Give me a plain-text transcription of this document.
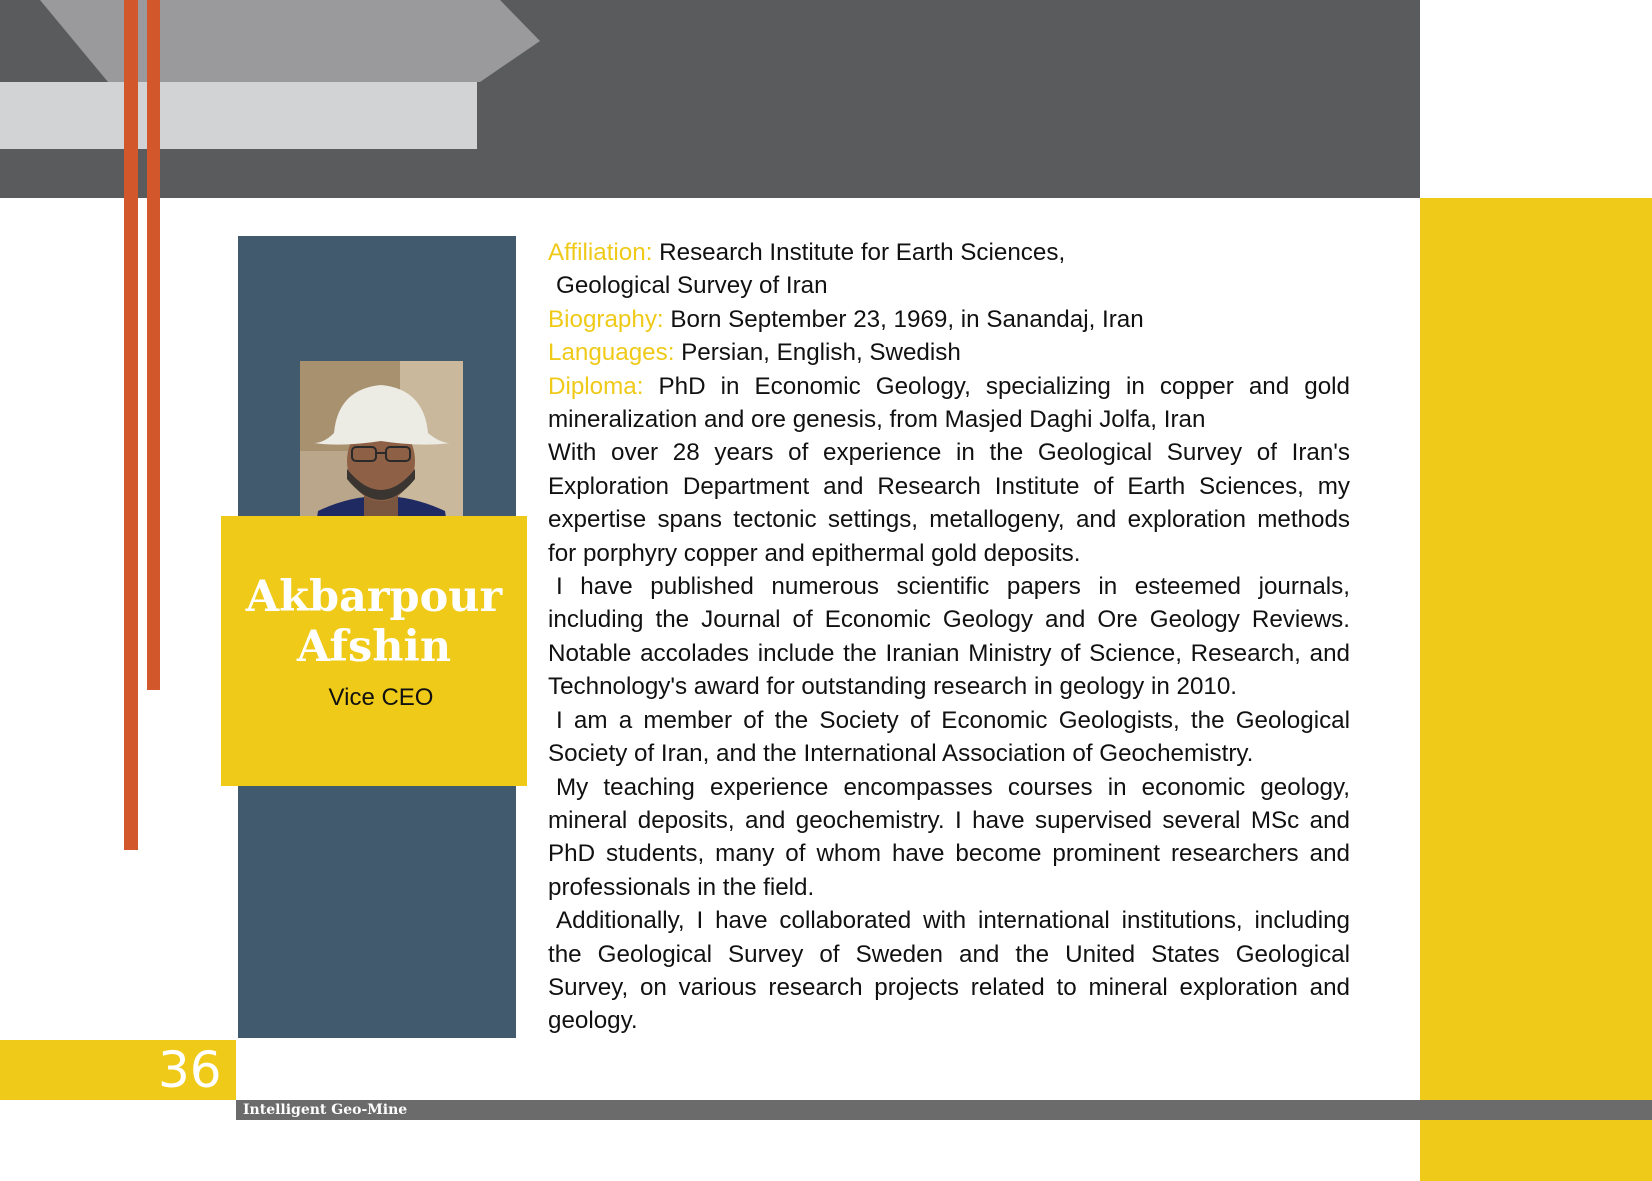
Akbarpour
Afshin
Vice CEO

Affiliation: Research Institute for Earth Sciences,

Geological Survey of Iran

Biography: Born September 23, 1969, in Sanandaj, Iran

Languages: Persian, English, Swedish

Diploma: PhD in Economic Geology, specializing in copper and gold mineralization and ore genesis, from Masjed Daghi Jolfa, Iran

With over 28 years of experience in the Geological Survey of Iran's Exploration Department and Research Institute of Earth Sciences, my expertise spans tectonic settings, metallogeny, and exploration methods for porphyry copper and epithermal gold deposits.

I have published numerous scientific papers in esteemed journals, including the Journal of Economic Geology and Ore Geology Reviews. Notable accolades include the Iranian Ministry of Science, Research, and Technology's award for outstanding research in geology in 2010.

I am a member of the Society of Economic Geologists, the Geological Society of Iran, and the International Association of Geochemistry.

My teaching experience encompasses courses in economic geology, mineral deposits, and geochemistry. I have supervised several MSc and PhD students, many of whom have become prominent researchers and professionals in the field.

Additionally, I have collaborated with international institutions, including the Geological Survey of Sweden and the United States Geological Survey, on various research projects related to mineral exploration and geology.

36
Intelligent Geo-Mine
